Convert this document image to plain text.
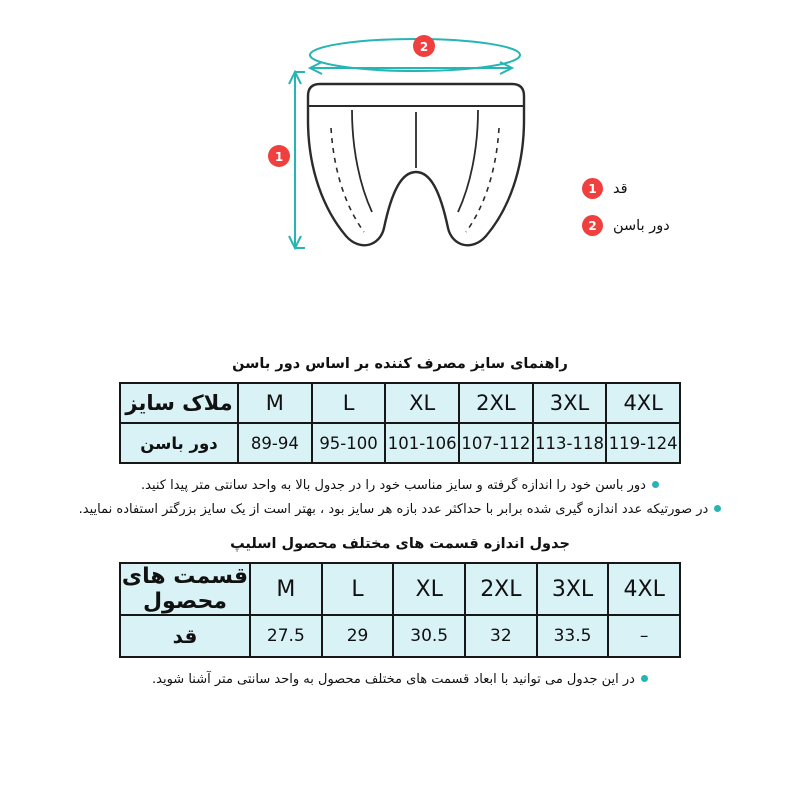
2
1
1	قد
2	دور باسن
راهنمای سایز مصرف کننده بر اساس دور باسن
4XL	3XL	2XL	XL	L	M	ملاک سایز
119-124	113-118	107-112	101-106	95-100	89-94	دور باسن

دور باسن خود را اندازه گرفته و سایز مناسب خود را در جدول بالا به واحد سانتی متر پیدا کنید.

در صورتیکه عدد اندازه گیری شده برابر با حداکثر عدد بازه هر سایز بود ، بهتر است از یک سایز بزرگتر استفاده نمایید.

جدول اندازه قسمت های مختلف محصول اسلیپ
4XL	3XL	2XL	XL	L	M	قسمت های محصول
–	33.5	32	30.5	29	27.5	قد

در این جدول می توانید با ابعاد قسمت های مختلف محصول به واحد سانتی متر آشنا شوید.
